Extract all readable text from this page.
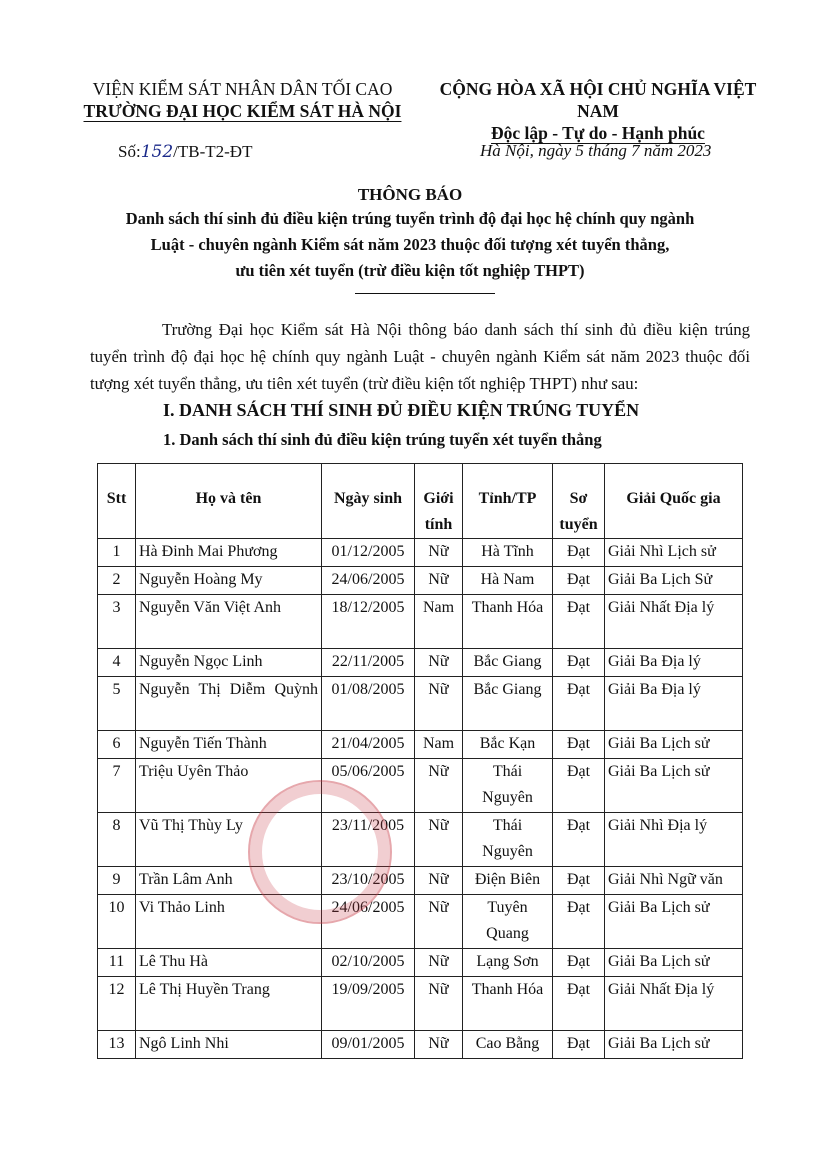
VIỆN KIỂM SÁT NHÂN DÂN TỐI CAO
TRƯỜNG ĐẠI HỌC KIỂM SÁT HÀ NỘI
CỘNG HÒA XÃ HỘI CHỦ NGHĨA VIỆT NAM
Độc lập - Tự do - Hạnh phúc
Số:152/TB-T2-ĐT	Hà Nội, ngày 5 tháng 7 năm 2023
THÔNG BÁO
Danh sách thí sinh đủ điều kiện trúng tuyển trình độ đại học hệ chính quy ngành
Luật - chuyên ngành Kiểm sát năm 2023 thuộc đối tượng xét tuyển thẳng,
ưu tiên xét tuyển (trừ điều kiện tốt nghiệp THPT)
Trường Đại học Kiểm sát Hà Nội thông báo danh sách thí sinh đủ điều kiện trúng tuyển trình độ đại học hệ chính quy ngành Luật - chuyên ngành Kiểm sát năm 2023 thuộc đối tượng xét tuyển thẳng, ưu tiên xét tuyển (trừ điều kiện tốt nghiệp THPT) như sau:
I. DANH SÁCH THÍ SINH ĐỦ ĐIỀU KIỆN TRÚNG TUYỂN
1. Danh sách thí sinh đủ điều kiện trúng tuyển xét tuyển thẳng
Stt	Họ và tên	Ngày sinh	Giới tính	Tỉnh/TP	Sơ tuyển	Giải Quốc gia
1	Hà Đinh Mai Phương	01/12/2005	Nữ	Hà Tĩnh	Đạt	Giải Nhì Lịch sử
2	Nguyễn Hoàng My	24/06/2005	Nữ	Hà Nam	Đạt	Giải Ba Lịch Sử
3	Nguyễn Văn Việt Anh	18/12/2005	Nam	Thanh Hóa	Đạt	Giải Nhất Địa lý
4	Nguyễn Ngọc Linh	22/11/2005	Nữ	Bắc Giang	Đạt	Giải Ba Địa lý
5	Nguyễn Thị Diễm Quỳnh	01/08/2005	Nữ	Bắc Giang	Đạt	Giải Ba Địa lý
6	Nguyễn Tiến Thành	21/04/2005	Nam	Bắc Kạn	Đạt	Giải Ba Lịch sử
7	Triệu Uyên Thảo	05/06/2005	Nữ	Thái Nguyên	Đạt	Giải Ba Lịch sử
8	Vũ Thị Thùy Ly	23/11/2005	Nữ	Thái Nguyên	Đạt	Giải Nhì Địa lý
9	Trần Lâm Anh	23/10/2005	Nữ	Điện Biên	Đạt	Giải Nhì Ngữ văn
10	Vi Thảo Linh	24/06/2005	Nữ	Tuyên Quang	Đạt	Giải Ba Lịch sử
11	Lê Thu Hà	02/10/2005	Nữ	Lạng Sơn	Đạt	Giải Ba Lịch sử
12	Lê Thị Huyền Trang	19/09/2005	Nữ	Thanh Hóa	Đạt	Giải Nhất Địa lý
13	Ngô Linh Nhi	09/01/2005	Nữ	Cao Bằng	Đạt	Giải Ba Lịch sử
